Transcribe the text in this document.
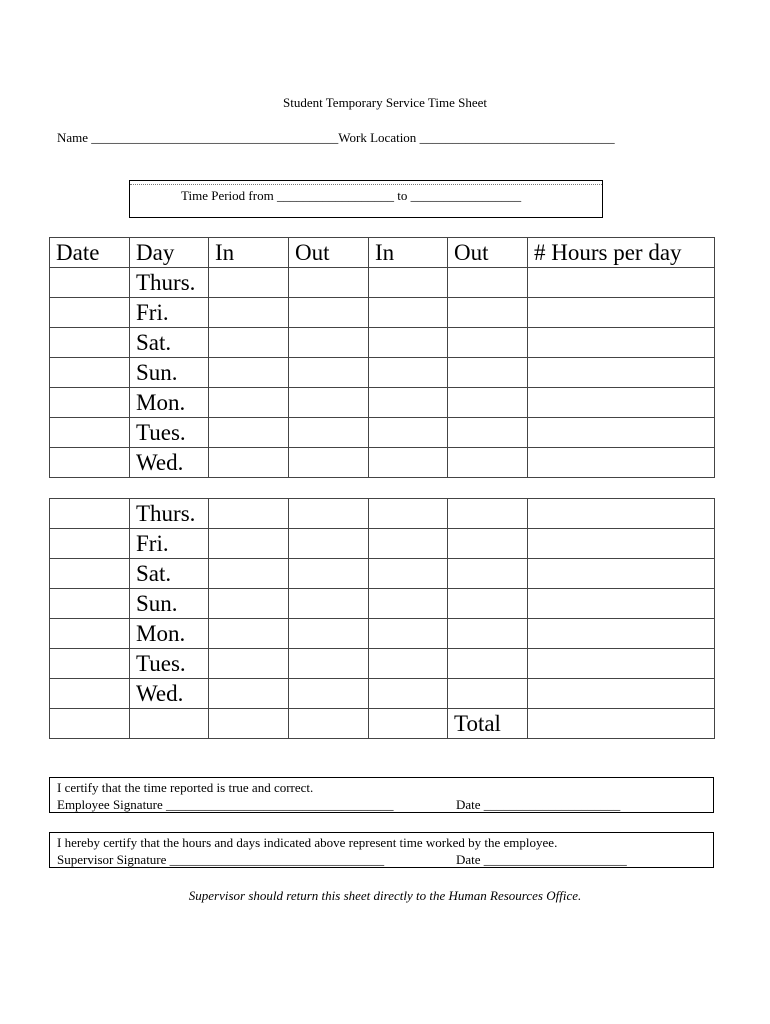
Student Temporary Service Time Sheet
Name ______________________________________Work Location ______________________________
Time Period from __________________ to _________________
Date	Day	In	Out	In	Out	# Hours per day
	Thurs.					
	Fri.					
	Sat.					
	Sun.					
	Mon.					
	Tues.					
	Wed.					
	Thurs.					
	Fri.					
	Sat.					
	Sun.					
	Mon.					
	Tues.					
	Wed.					
					Total	
I certify that the time reported is true and correct.
Employee Signature ___________________________________	Date _____________________
I hereby certify that the hours and days indicated above represent time worked by the employee.
Supervisor Signature _________________________________	Date ______________________
Supervisor should return this sheet directly to the Human Resources Office.
